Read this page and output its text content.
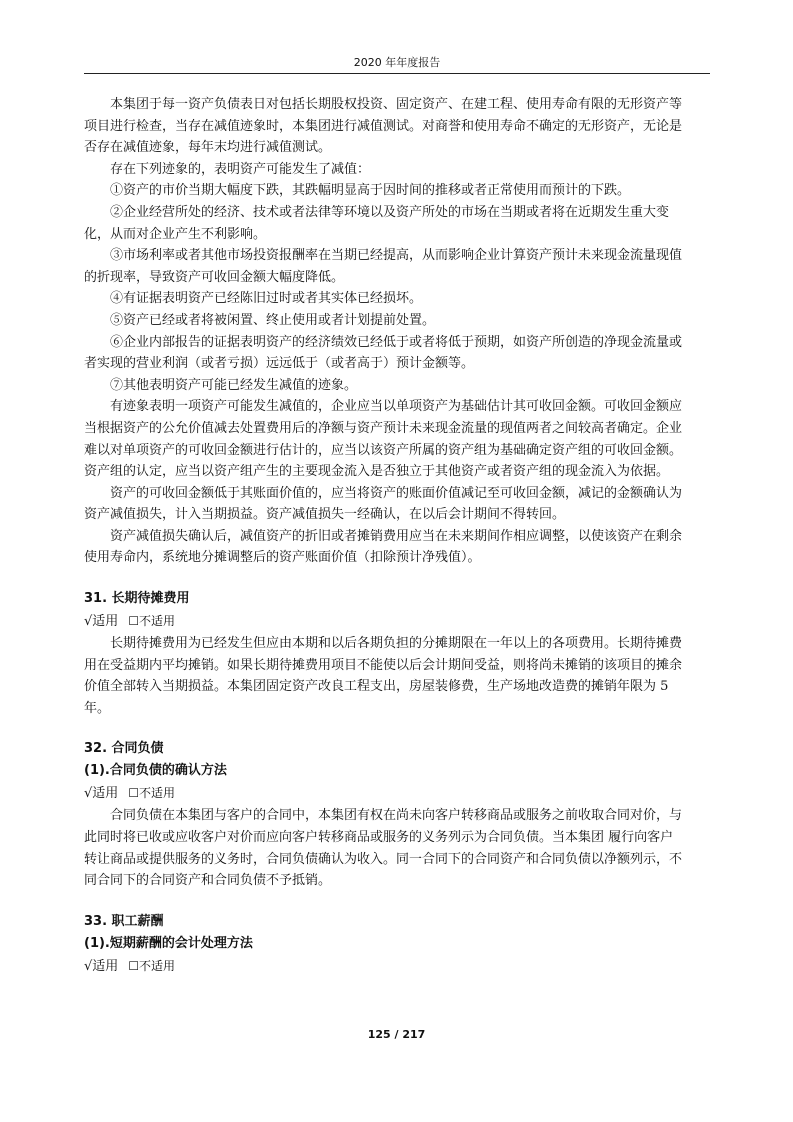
2020 年年度报告

本集团于每一资产负债表日对包括长期股权投资、固定资产、在建工程、使用寿命有限的无形资产等项目进行检查，当存在减值迹象时，本集团进行减值测试。对商誉和使用寿命不确定的无形资产，无论是否存在减值迹象，每年末均进行减值测试。

存在下列迹象的，表明资产可能发生了减值：

①资产的市价当期大幅度下跌，其跌幅明显高于因时间的推移或者正常使用而预计的下跌。

②企业经营所处的经济、技术或者法律等环境以及资产所处的市场在当期或者将在近期发生重大变化，从而对企业产生不利影响。

③市场利率或者其他市场投资报酬率在当期已经提高，从而影响企业计算资产预计未来现金流量现值的折现率，导致资产可收回金额大幅度降低。

④有证据表明资产已经陈旧过时或者其实体已经损坏。

⑤资产已经或者将被闲置、终止使用或者计划提前处置。

⑥企业内部报告的证据表明资产的经济绩效已经低于或者将低于预期，如资产所创造的净现金流量或者实现的营业利润（或者亏损）远远低于（或者高于）预计金额等。

⑦其他表明资产可能已经发生减值的迹象。

有迹象表明一项资产可能发生减值的，企业应当以单项资产为基础估计其可收回金额。可收回金额应当根据资产的公允价值减去处置费用后的净额与资产预计未来现金流量的现值两者之间较高者确定。企业难以对单项资产的可收回金额进行估计的，应当以该资产所属的资产组为基础确定资产组的可收回金额。资产组的认定，应当以资产组产生的主要现金流入是否独立于其他资产或者资产组的现金流入为依据。

资产的可收回金额低于其账面价值的，应当将资产的账面价值减记至可收回金额，减记的金额确认为资产减值损失，计入当期损益。资产减值损失一经确认，在以后会计期间不得转回。

资产减值损失确认后，减值资产的折旧或者摊销费用应当在未来期间作相应调整，以使该资产在剩余使用寿命内，系统地分摊调整后的资产账面价值（扣除预计净残值）。

31. 长期待摊费用

√适用 ☐不适用

长期待摊费用为已经发生但应由本期和以后各期负担的分摊期限在一年以上的各项费用。长期待摊费用在受益期内平均摊销。如果长期待摊费用项目不能使以后会计期间受益，则将尚未摊销的该项目的摊余价值全部转入当期损益。本集团固定资产改良工程支出，房屋装修费，生产场地改造费的摊销年限为 5 年。

32. 合同负债
(1).合同负债的确认方法

√适用 ☐不适用

合同负债在本集团与客户的合同中，本集团有权在尚未向客户转移商品或服务之前收取合同对价，与此同时将已收或应收客户对价而应向客户转移商品或服务的义务列示为合同负债。当本集团 履行向客户转让商品或提供服务的义务时，合同负债确认为收入。同一合同下的合同资产和合同负债以净额列示，不同合同下的合同资产和合同负债不予抵销。

33. 职工薪酬
(1).短期薪酬的会计处理方法

√适用 ☐不适用

125 / 217
